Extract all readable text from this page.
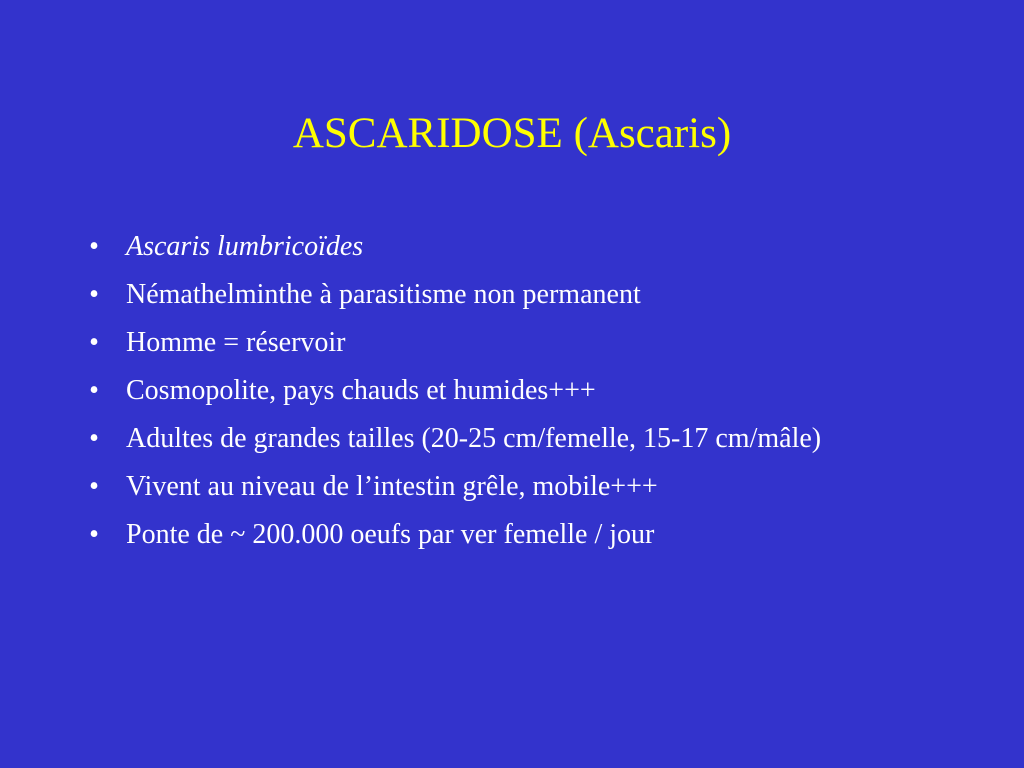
ASCARIDOSE (Ascaris)
• Ascaris lumbricoïdes
• Némathelminthe à parasitisme non permanent
• Homme = réservoir
• Cosmopolite, pays chauds et humides+++
• Adultes de grandes tailles (20-25 cm/femelle, 15-17 cm/mâle)
• Vivent au niveau de l’intestin grêle, mobile+++
• Ponte de ~ 200.000 oeufs par ver femelle / jour
